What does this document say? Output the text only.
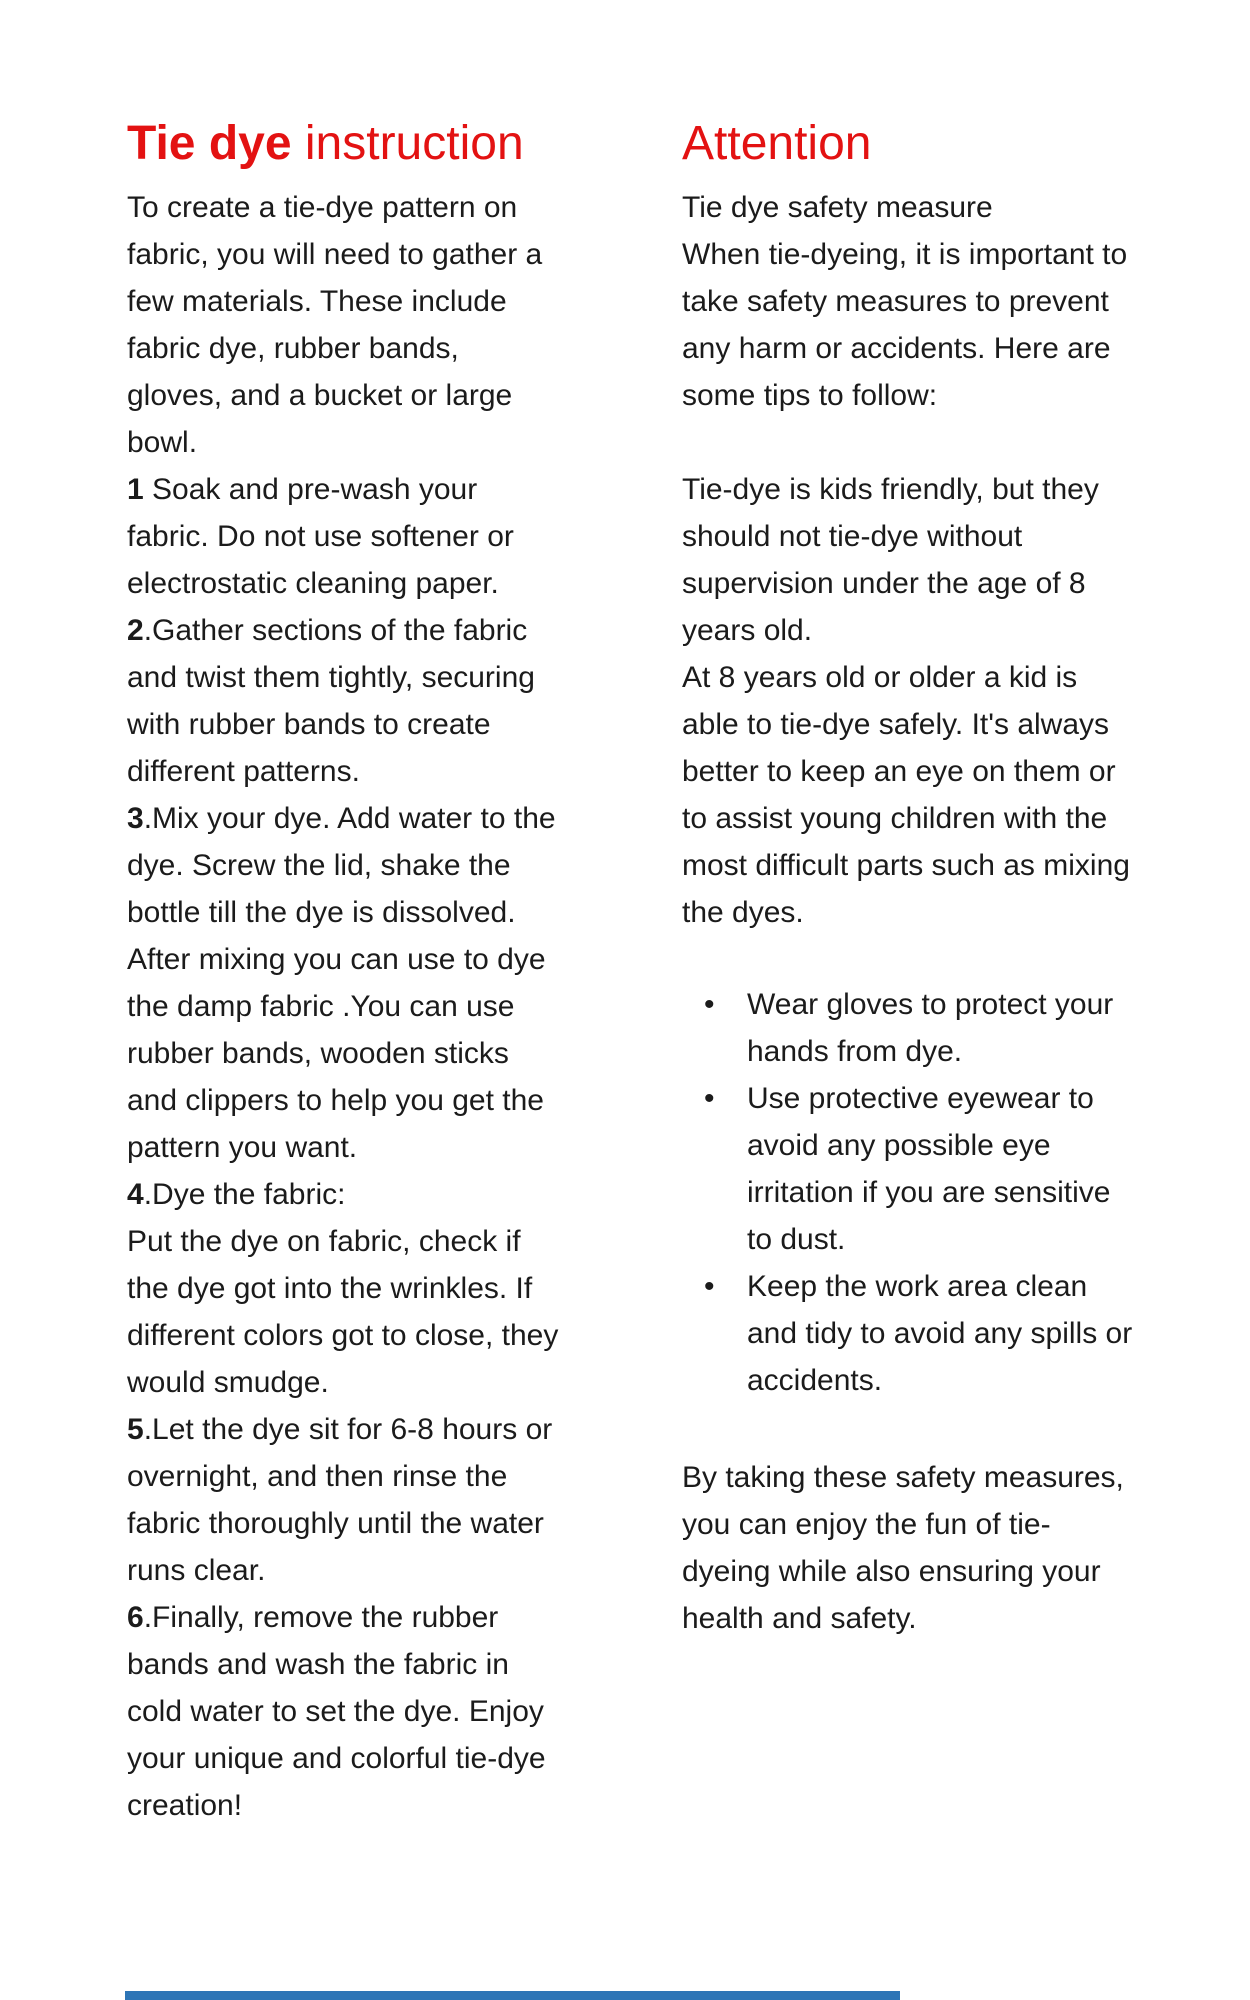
Tie dye instruction

To create a tie-dye pattern on fabric, you will need to gather a few materials. These include fabric dye, rubber bands, gloves, and a bucket or large bowl.

1 Soak and pre-wash your fabric. Do not use softener or electrostatic cleaning paper.

2.Gather sections of the fabric and twist them tightly, securing with rubber bands to create different patterns.

3.Mix your dye. Add water to the dye. Screw the lid, shake the bottle till the dye is dissolved. After mixing you can use to dye the damp fabric .You can use rubber bands, wooden sticks and clippers to help you get the pattern you want.

4.Dye the fabric:

Put the dye on fabric, check if the dye got into the wrinkles. If different colors got to close, they would smudge.

5.Let the dye sit for 6-8 hours or overnight, and then rinse the fabric thoroughly until the water runs clear.

6.Finally, remove the rubber bands and wash the fabric in cold water to set the dye. Enjoy your unique and colorful tie-dye creation!

Attention

Tie dye safety measure

When tie-dyeing, it is important to take safety measures to prevent any harm or accidents. Here are some tips to follow:

Tie-dye is kids friendly, but they should not tie-dye without supervision under the age of 8 years old.

At 8 years old or older a kid is able to tie-dye safely. It's always better to keep an eye on them or to assist young children with the most difficult parts such as mixing the dyes.

• Wear gloves to protect your hands from dye.
• Use protective eyewear to avoid any possible eye irritation if you are sensitive to dust.
• Keep the work area clean and tidy to avoid any spills or accidents.

By taking these safety measures, you can enjoy the fun of tie-dyeing while also ensuring your health and safety.
